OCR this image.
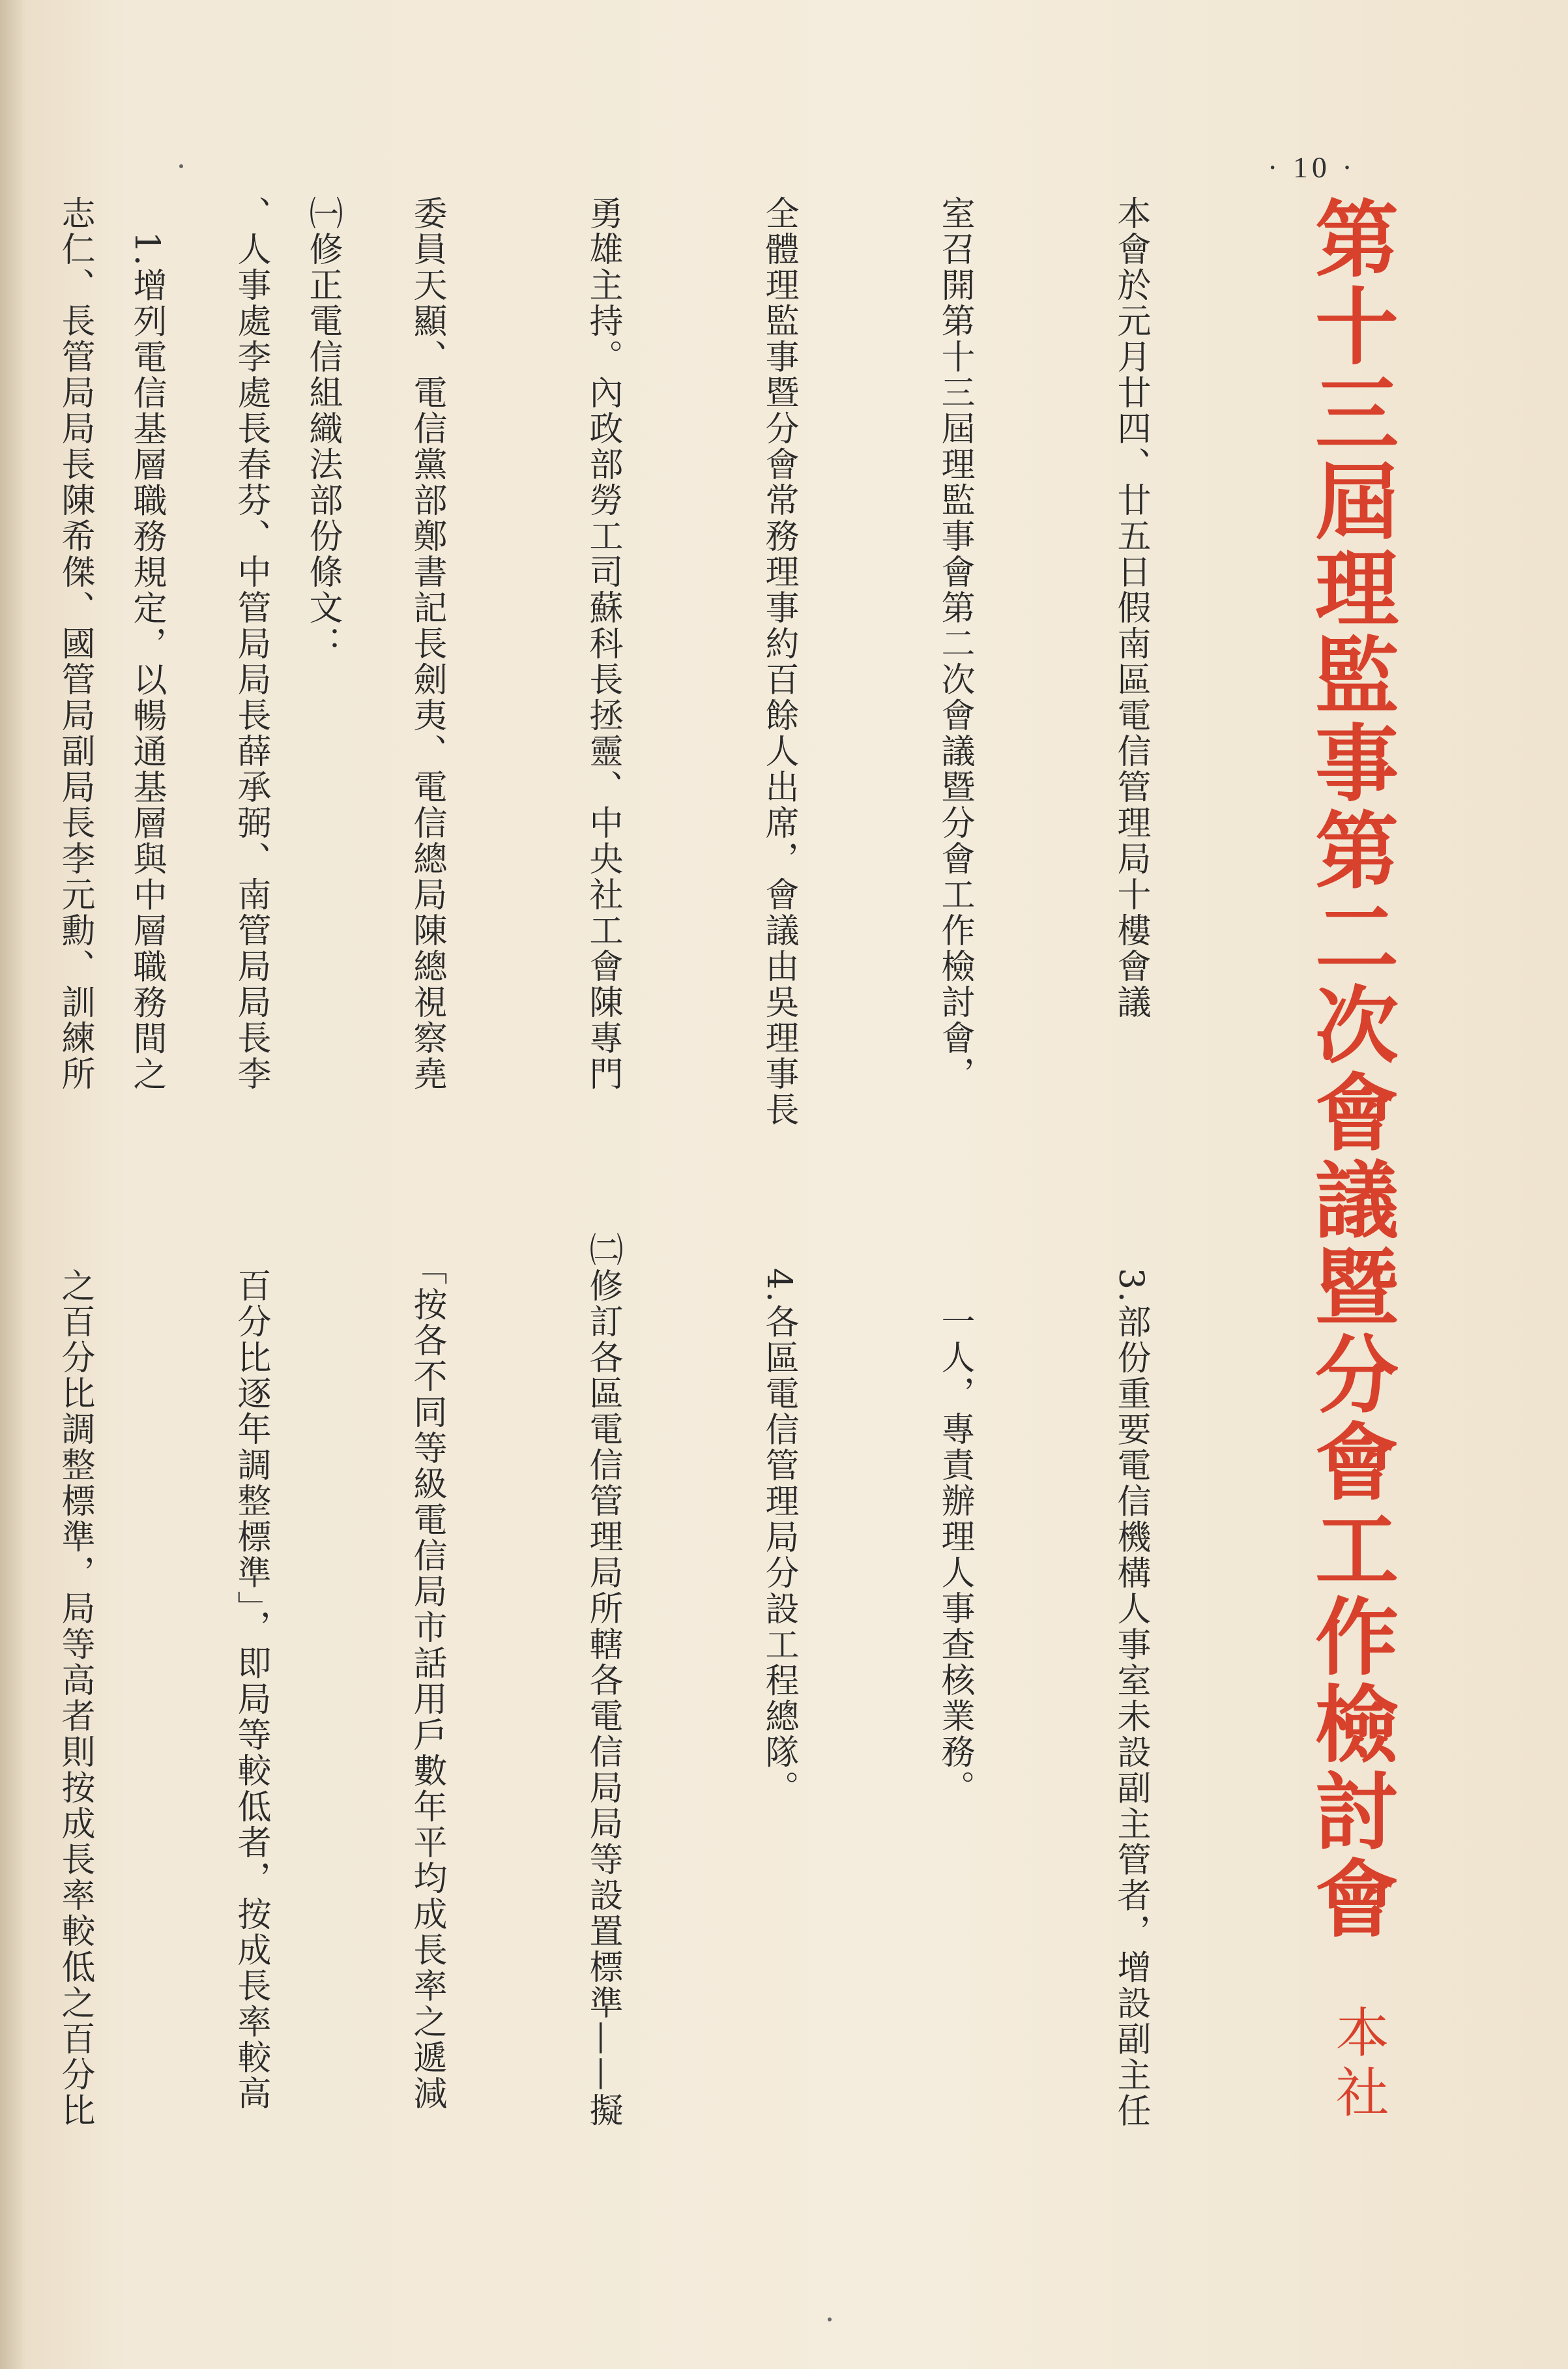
· 10 ·
第十三屆理監事第二次會議暨分會工作檢討會
本社

本會於元月廿四、廿五日假南區電信管理局十樓會議

室召開第十三屆理監事會第二次會議暨分會工作檢討會，

全體理監事暨分會常務理事約百餘人出席，會議由吳理事長

勇雄主持。內政部勞工司蘇科長拯靈、中央社工會陳專門

委員天顯、電信黨部鄭書記長劍夷、電信總局陳總視察堯

、人事處李處長春芬、中管局局長薛承弼、南管局局長李

志仁、長管局局長陳希傑、國管局副局長李元勳、訓練所

	㈠修正電信組織法部份條文：

　1.增列電信基層職務規定，以暢通基層與中層職務間之

　3.部份重要電信機構人事室未設副主管者，增設副主任

　　一人，專責辦理人事查核業務。

　4.各區電信管理局分設工程總隊。

㈡修訂各區電信管理局所轄各電信局局等設置標準——擬

　「按各不同等級電信局市話用戶數年平均成長率之遞減

　百分比逐年調整標準」，即局等較低者，按成長率較高

　之百分比調整標準，局等高者則按成長率較低之百分比
